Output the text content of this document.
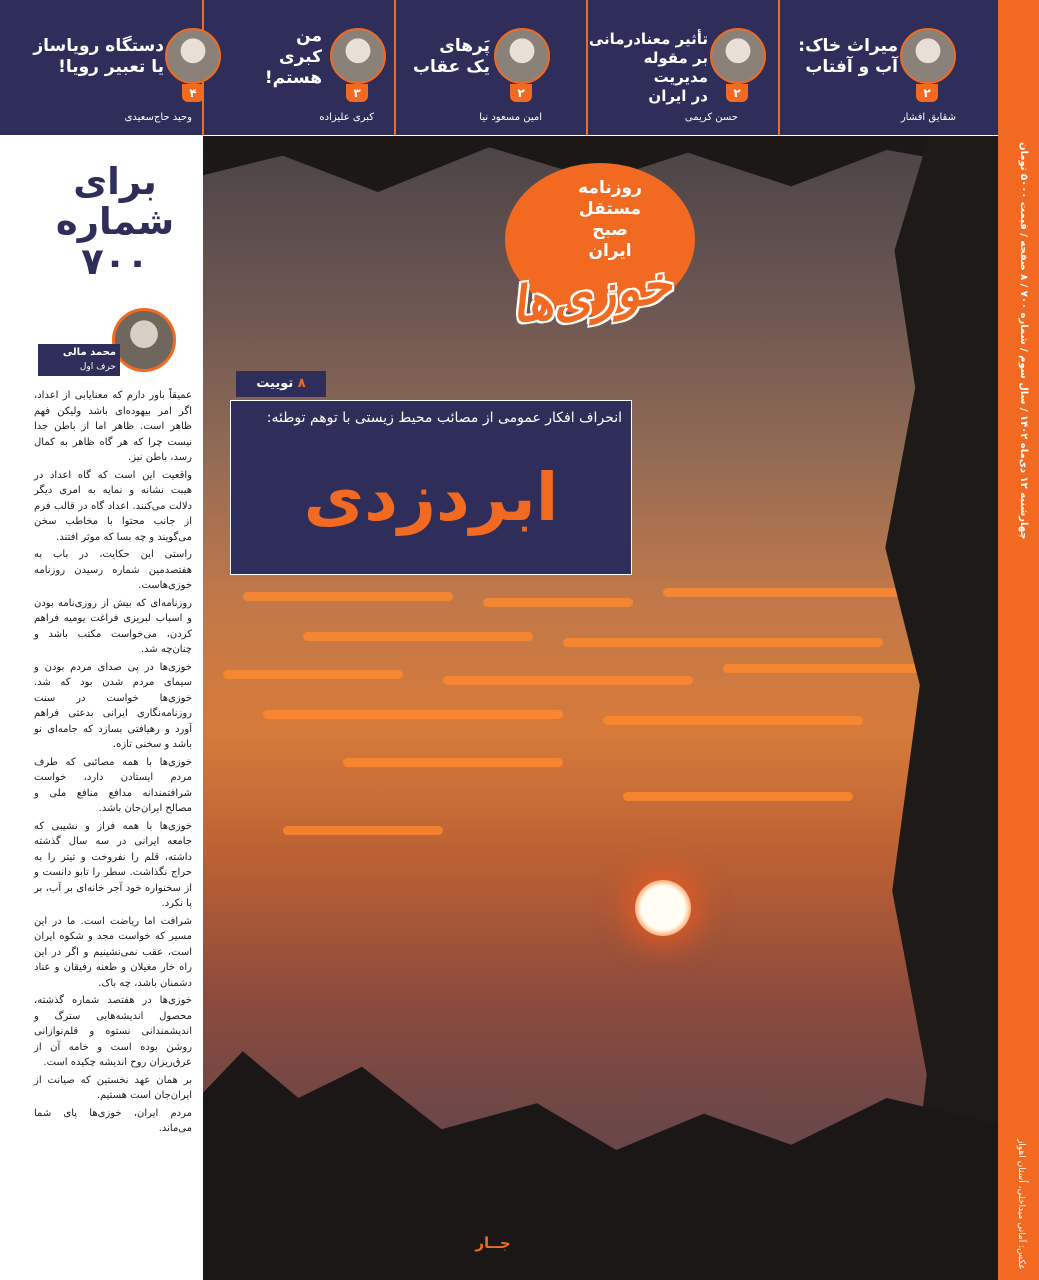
میراث خاک:
آب و آفتاب
۲
شقایق افشار
تأثیر معنادرمانی
بر مقوله مدیریت
در ایران	۲
حسن کریمی
پَرهای
یک عقاب
۲
امین مسعود نیا
من
کبری
هستم!
۳
کبری علیزاده
دستگاه رویاساز
یا تعبیر رویا!
۴
وحید حاج‌سعیدی
چهارشنبه ۱۲ دی‌ماه ۱۴۰۲ / سال سوم / شماره ۷۰۰ / ۸ صفحه / قیمت ۵۰۰۰ تومان
عکس: اَمانی میداخلی، اُستان اهواز
جــار
روزنامه
مستقل
صبح
ایران
خوزی‌ها
۸ توییت
انحراف افکار عمومی از مصائب محیط زیستی با توهم توطئه:
ابردزدی
برای
شماره
۷۰۰
محمد مالی
حرف اول

عمیقاً باور دارم که معنایابی از اعداد، اگر امر بیهوده‌ای باشد ولیکن فهم ظاهر است. ظاهر اما از باطن جدا نیست چرا که هر گاه ظاهر به کمال رسد، باطن نیز.

واقعیت این است که گاه اعداد در هیبت نشانه و نمایه به امری دیگر دلالت می‌کنند. اعداد گاه در قالب فرم از جانب محتوا با مخاطب سخن می‌گویند و چه بسا که موثر افتند.

راستی این حکایت، در باب به هفتصدمین شماره رسیدن روزنامه خوزی‌هاست.

روزنامه‌ای که بیش از روزی‌نامه بودن و اسباب لبریزی فراغت یومیه فراهم کردن، می‌خواست مکتب باشد و چنان‌چه شد.

خوزی‌ها در پی صدای مردم بودن و سیمای مردم شدن بود که شد. خوزی‌ها خواست در سنت روزنامه‌نگاری ایرانی بدعتی فراهم آورد و رهیافتی بسازد که جامه‌ای نو باشد و سخنی تازه.

خوزی‌ها با همه مصائبی که طرف مردم ایستادن دارد، خواست شرافتمندانه مدافع منافع ملی و مصالح ایران‌جان باشد.

خوزی‌ها با همه فراز و نشیبی که جامعه ایرانی در سه سال گذشته داشته، قلم را نفروخت و تیتر را به حراج نگذاشت. سطر را تابو دانست و از سخنواره خود آجر خانه‌ای بر آب، بر پا نکرد.

شرافت اما ریاضت است. ما در این مسیر که خواست مجد و شکوه ایران است، عقب نمی‌نشینیم و اگر در این راه خار مغیلان و طعنه رفیقان و عناد دشمنان باشد، چه باک.

خوزی‌ها در هفتصد شماره گذشته، محصول اندیشه‌هایی سترگ و اندیشمندانی نستوه و قلم‌نوازانی روشن بوده است و خامه آن از عرق‌ریزان روح اندیشه چکیده است.

بر همان عهد نخستین که صیانت از ایران‌جان است هستیم.

مردم ایران، خوزی‌ها پای شما می‌ماند.
